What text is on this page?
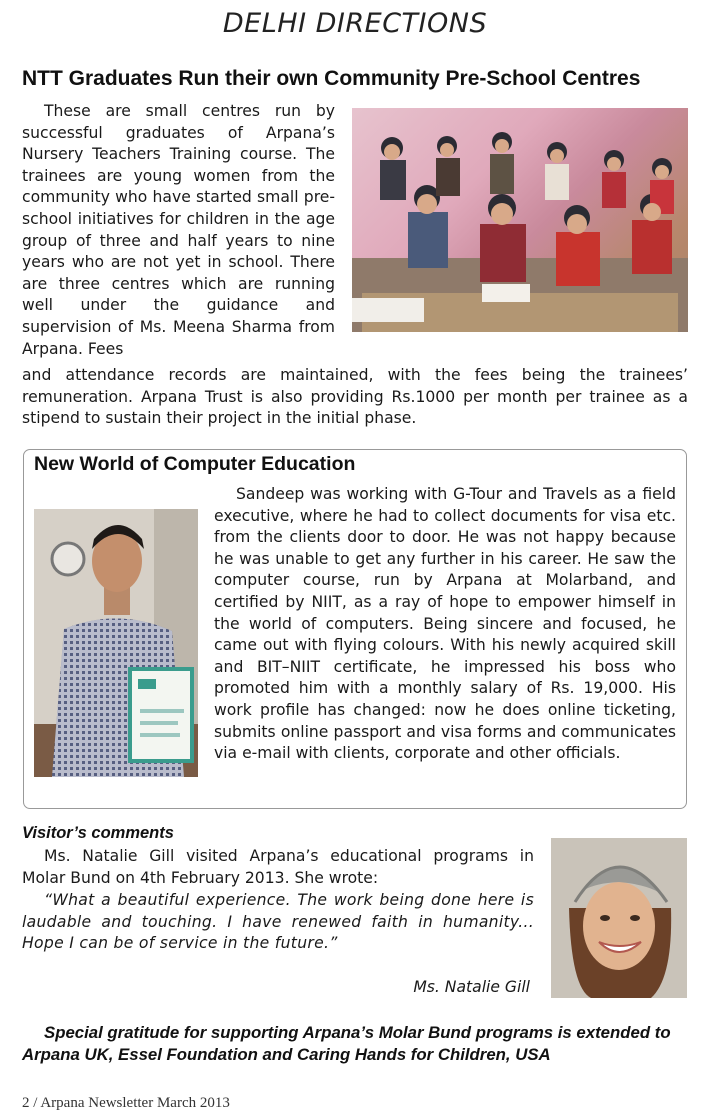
DELHI DIRECTIONS
NTT Graduates Run their own Community Pre-School Centres
These are small centres run by successful graduates of Arpana’s Nursery Teachers Training course. The trainees are young women from the community who have started small pre-school initiatives for children in the age group of three and half years to nine years who are not yet in school. There are three centres which are running well under the guidance and supervision of Ms. Meena Sharma from Arpana. Fees
and attendance records are maintained, with the fees being the trainees’ remuneration. Arpana Trust is also providing Rs.1000 per month per trainee as a stipend to sustain their project in the initial phase.
New World of Computer Education
Sandeep was working with G-Tour and Travels as a field executive, where he had to collect documents for visa etc. from the clients door to door. He was not happy because he was unable to get any further in his career. He saw the computer course, run by Arpana at Molarband, and certified by NIIT, as a ray of hope to empower himself in the world of computers. Being sincere and focused, he came out with flying colours. With his newly acquired skill and BIT–NIIT certificate, he impressed his boss who promoted him with a monthly salary of Rs. 19,000. His work profile has changed: now he does online ticketing, submits online passport and visa forms and communicates via e-mail with clients, corporate and other officials.
Visitor’s comments
Ms. Natalie Gill visited Arpana’s educational programs in Molar Bund on 4th February 2013. She wrote:
“What a beautiful experience. The work being done here is laudable and touching. I have renewed faith in humanity... Hope I can be of service in the future.”
Ms. Natalie Gill
Special gratitude for supporting Arpana’s Molar Bund programs is extended to Arpana UK, Essel Foundation and Caring Hands for Children, USA
2 / Arpana Newsletter March 2013
